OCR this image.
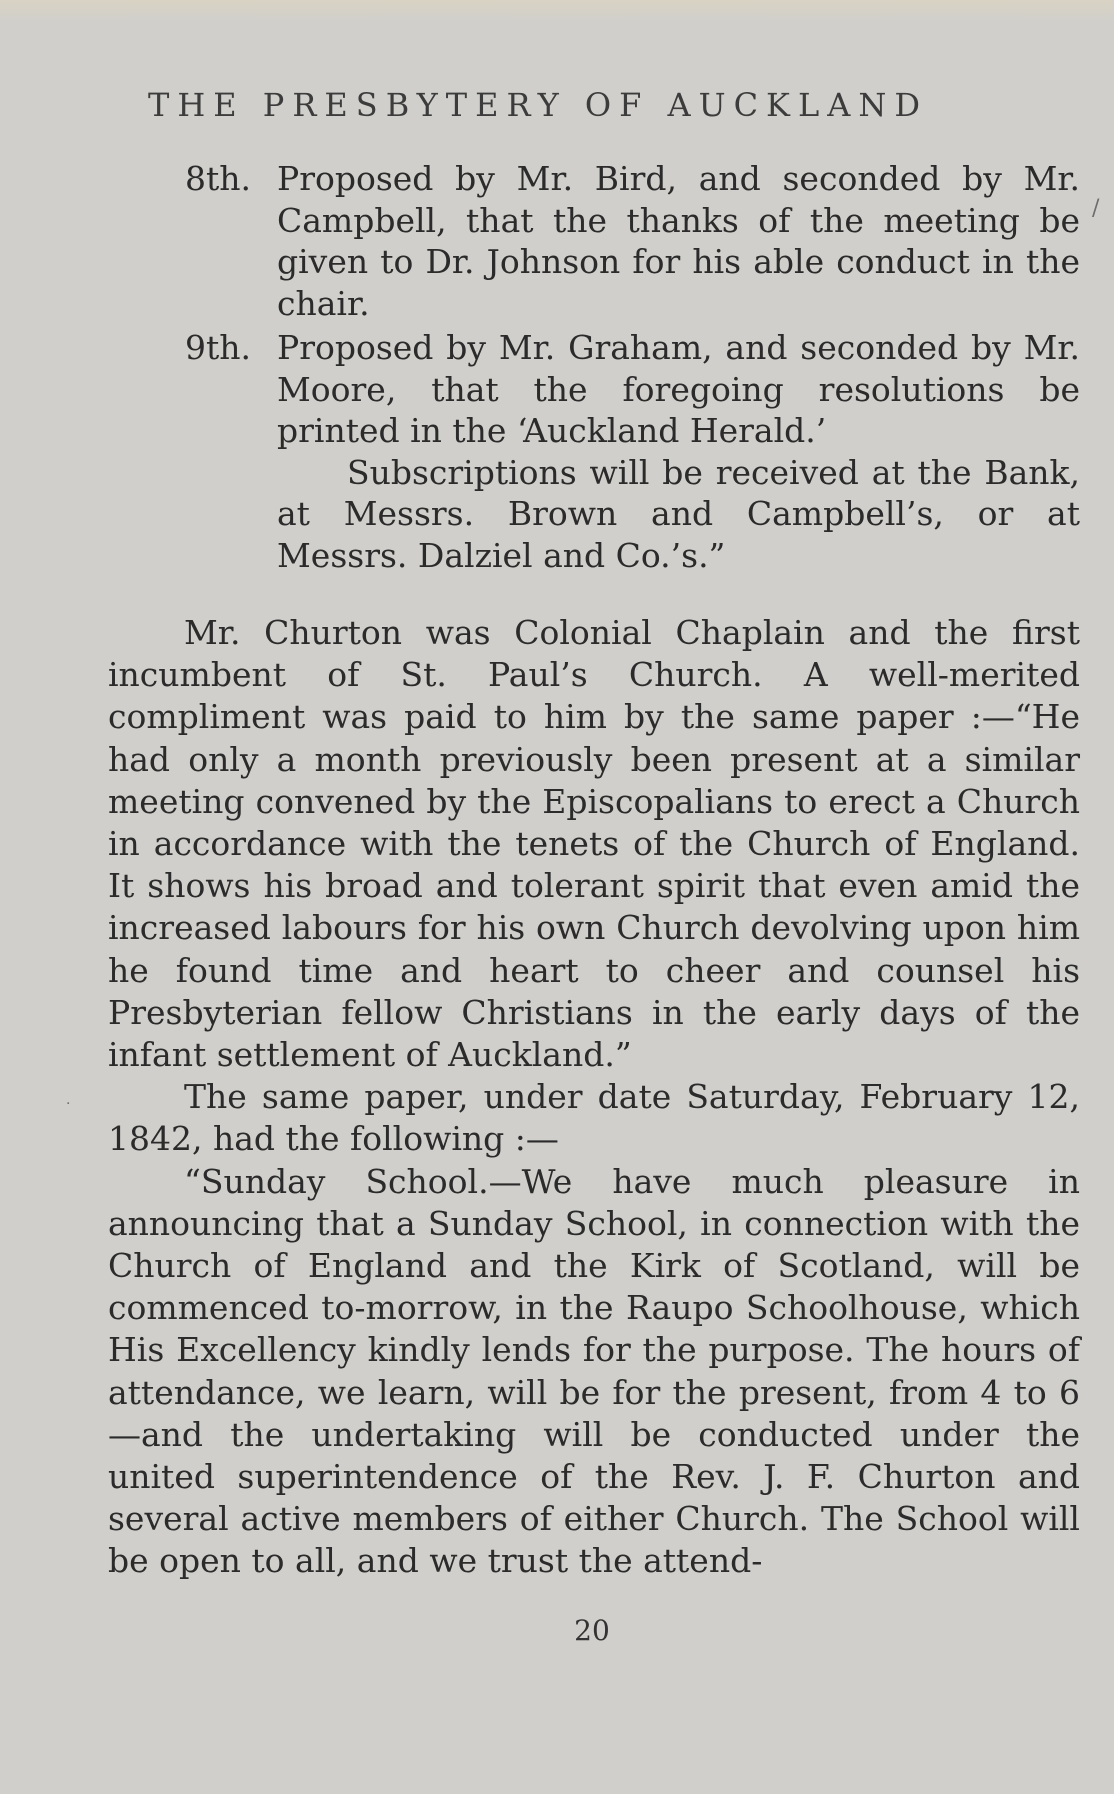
THE PRESBYTERY OF AUCKLAND
8th. Proposed by Mr. Bird, and seconded by Mr. Campbell, that the thanks of the meeting be given to Dr. Johnson for his able conduct in the chair.
9th. Proposed by Mr. Graham, and seconded by Mr. Moore, that the foregoing resolutions be printed in the ‘Auckland Herald.’
Subscriptions will be received at the Bank, at Messrs. Brown and Campbell’s, or at Messrs. Dalziel and Co.’s.”

Mr. Churton was Colonial Chaplain and the first incumbent of St. Paul’s Church. A well-merited compliment was paid to him by the same paper :—“He had only a month previously been present at a similar meeting convened by the Episcopalians to erect a Church in accordance with the tenets of the Church of England. It shows his broad and tolerant spirit that even amid the increased labours for his own Church devolving upon him he found time and heart to cheer and counsel his Presbyterian fellow Christians in the early days of the infant settlement of Auckland.”

The same paper, under date Saturday, February 12, 1842, had the following :—

“Sunday School.—We have much pleasure in announcing that a Sunday School, in connection with the Church of England and the Kirk of Scotland, will be commenced to-morrow, in the Raupo Schoolhouse, which His Excellency kindly lends for the purpose. The hours of attendance, we learn, will be for the present, from 4 to 6—and the undertaking will be conducted under the united superintendence of the Rev. J. F. Churton and several active members of either Church. The School will be open to all, and we trust the attend-

20
/
·
